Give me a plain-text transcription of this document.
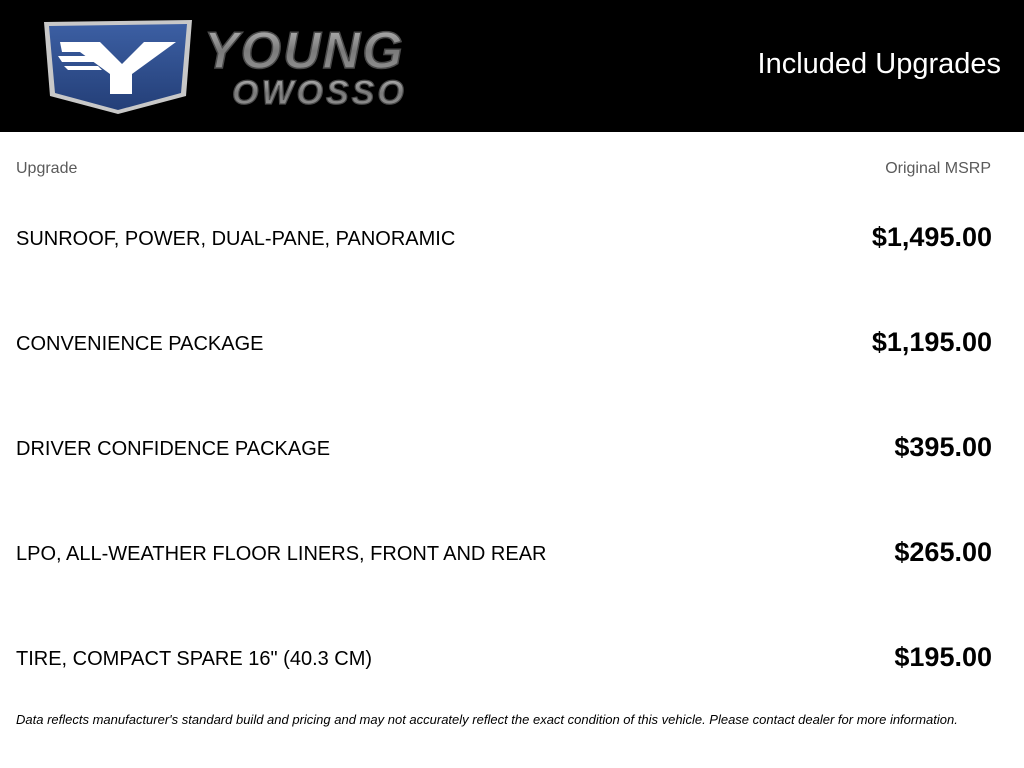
YOUNG
OWOSSO
Included Upgrades
Upgrade	Original MSRP
SUNROOF, POWER, DUAL-PANE, PANORAMIC	$1,495.00
CONVENIENCE PACKAGE	$1,195.00
DRIVER CONFIDENCE PACKAGE	$395.00
LPO, ALL-WEATHER FLOOR LINERS, FRONT AND REAR	$265.00
TIRE, COMPACT SPARE 16" (40.3 CM)	$195.00
Data reflects manufacturer's standard build and pricing and may not accurately reflect the exact condition of this vehicle. Please contact dealer for more information.
